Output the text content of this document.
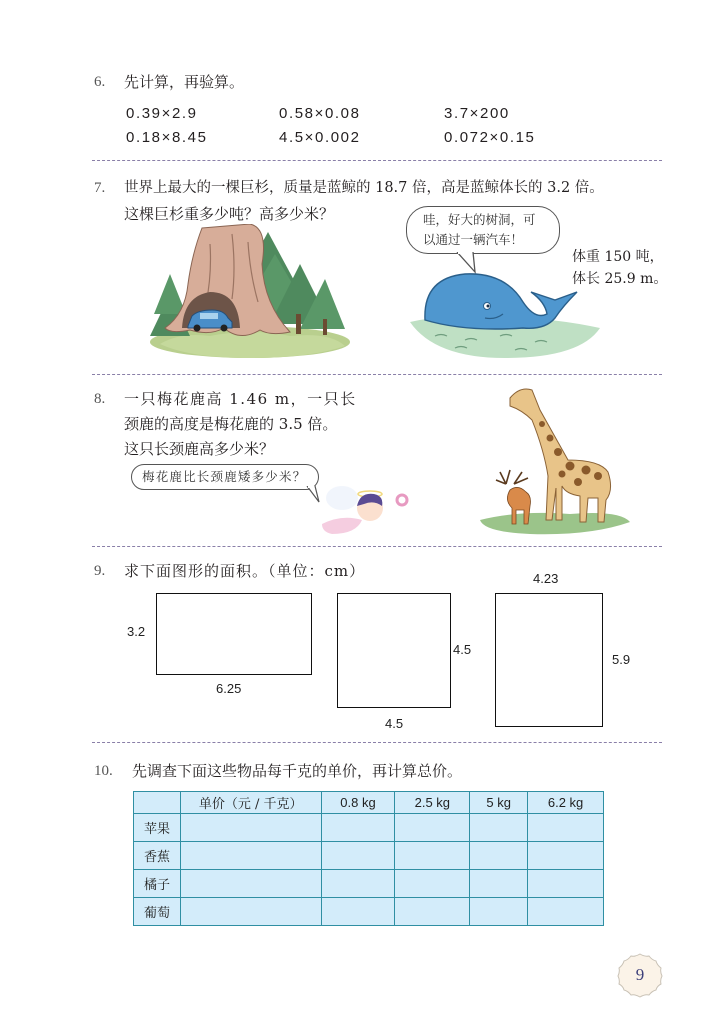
6. 先计算，再验算。
0.39×2.9	0.58×0.08	3.7×200
0.18×8.45	4.5×0.002	0.072×0.15
7. 世界上最大的一棵巨杉，质量是蓝鲸的 18.7 倍，高是蓝鲸体长的 3.2 倍。
这棵巨杉重多少吨？高多少米？	哇，好大的树洞，可
以通过一辆汽车！
体重 150 吨，
体长 25.9 m。
8. 一只梅花鹿高 1.46 m，一只长
颈鹿的高度是梅花鹿的 3.5 倍。
这只长颈鹿高多少米？
梅花鹿比长颈鹿矮多少米？
9. 求下面图形的面积。（单位：cm）
3.2
6.25
4.5
4.5
4.23
5.9
10. 先调查下面这些物品每千克的单价，再计算总价。
	单价（元 / 千克）	0.8 kg	2.5 kg	5 kg	6.2 kg
苹果					
香蕉					
橘子					
葡萄					
9
